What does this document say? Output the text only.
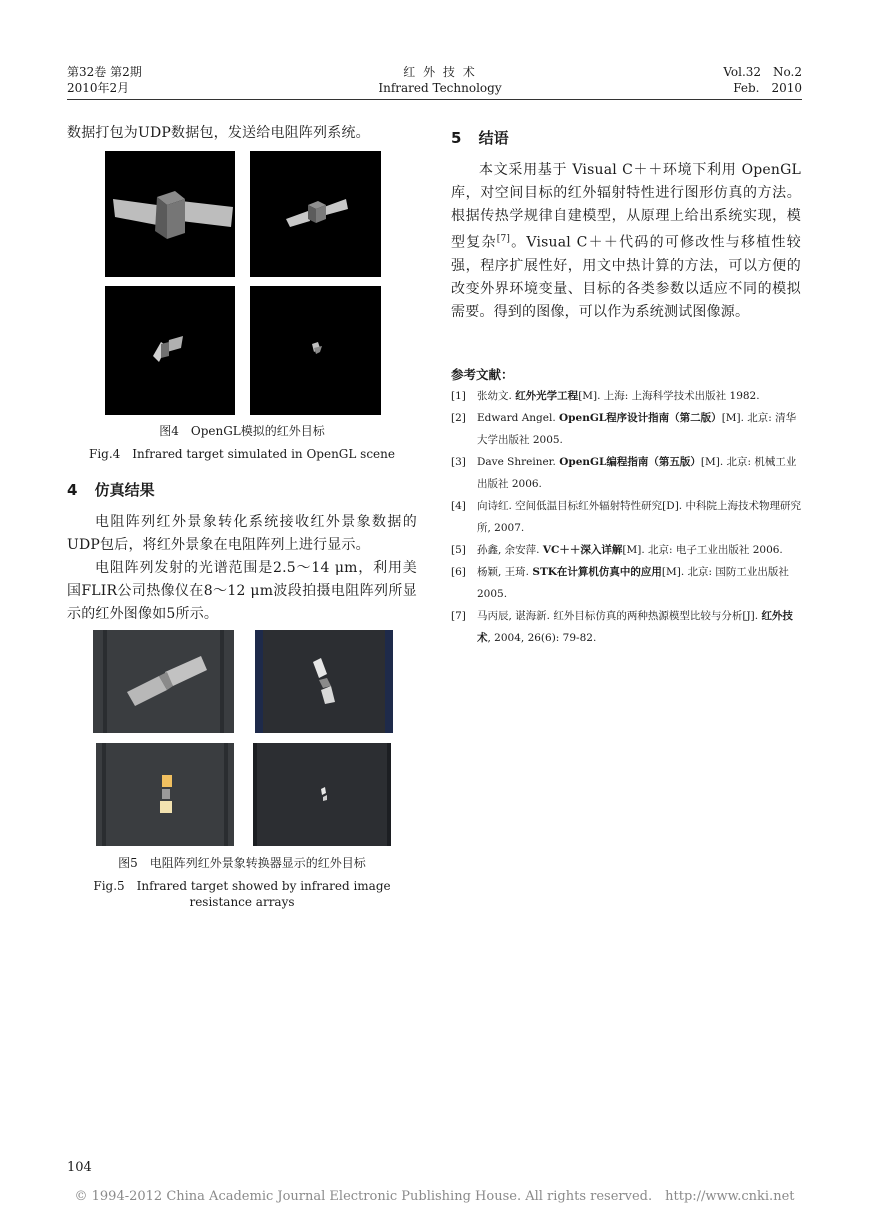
第32卷 第2期
2010年2月
红 外 技 术
Infrared Technology
Vol.32　No.2
Feb.　2010
数据打包为UDP数据包，发送给电阻阵列系统。
图4　OpenGL模拟的红外目标
Fig.4　Infrared target simulated in OpenGL scene
4 仿真结果

电阻阵列红外景象转化系统接收红外景象数据的UDP包后，将红外景象在电阻阵列上进行显示。

电阻阵列发射的光谱范围是2.5～14 μm，利用美国FLIR公司热像仪在8～12 μm波段拍摄电阻阵列所显示的红外图像如5所示。

图5　电阻阵列红外景象转换器显示的红外目标
Fig.5　Infrared target showed by infrared image resistance arrays
5 结语

本文采用基于 Visual C＋＋环境下利用 OpenGL库，对空间目标的红外辐射特性进行图形仿真的方法。根据传热学规律自建模型，从原理上给出系统实现，模型复杂[7]。Visual C＋＋代码的可修改性与移植性较强，程序扩展性好，用文中热计算的方法，可以方便的改变外界环境变量、目标的各类参数以适应不同的模拟需要。得到的图像，可以作为系统测试图像源。

参考文献：
[1]	张幼文. 红外光学工程[M]. 上海: 上海科学技术出版社 1982.
[2]	Edward Angel. OpenGL程序设计指南（第二版）[M]. 北京: 清华大学出版社 2005.
[3]	Dave Shreiner. OpenGL编程指南（第五版）[M]. 北京: 机械工业出版社 2006.
[4]	向诗红. 空间低温目标红外辐射特性研究[D]. 中科院上海技术物理研究所, 2007.
[5]	孙鑫, 余安萍. VC＋＋深入详解[M]. 北京: 电子工业出版社 2006.
[6]	杨颖, 王琦. STK在计算机仿真中的应用[M]. 北京: 国防工业出版社 2005.
[7]	马丙辰, 谌海新. 红外目标仿真的两种热源模型比较与分析[J]. 红外技术, 2004, 26(6): 79-82.
104
© 1994-2012 China Academic Journal Electronic Publishing House. All rights reserved.　http://www.cnki.net
